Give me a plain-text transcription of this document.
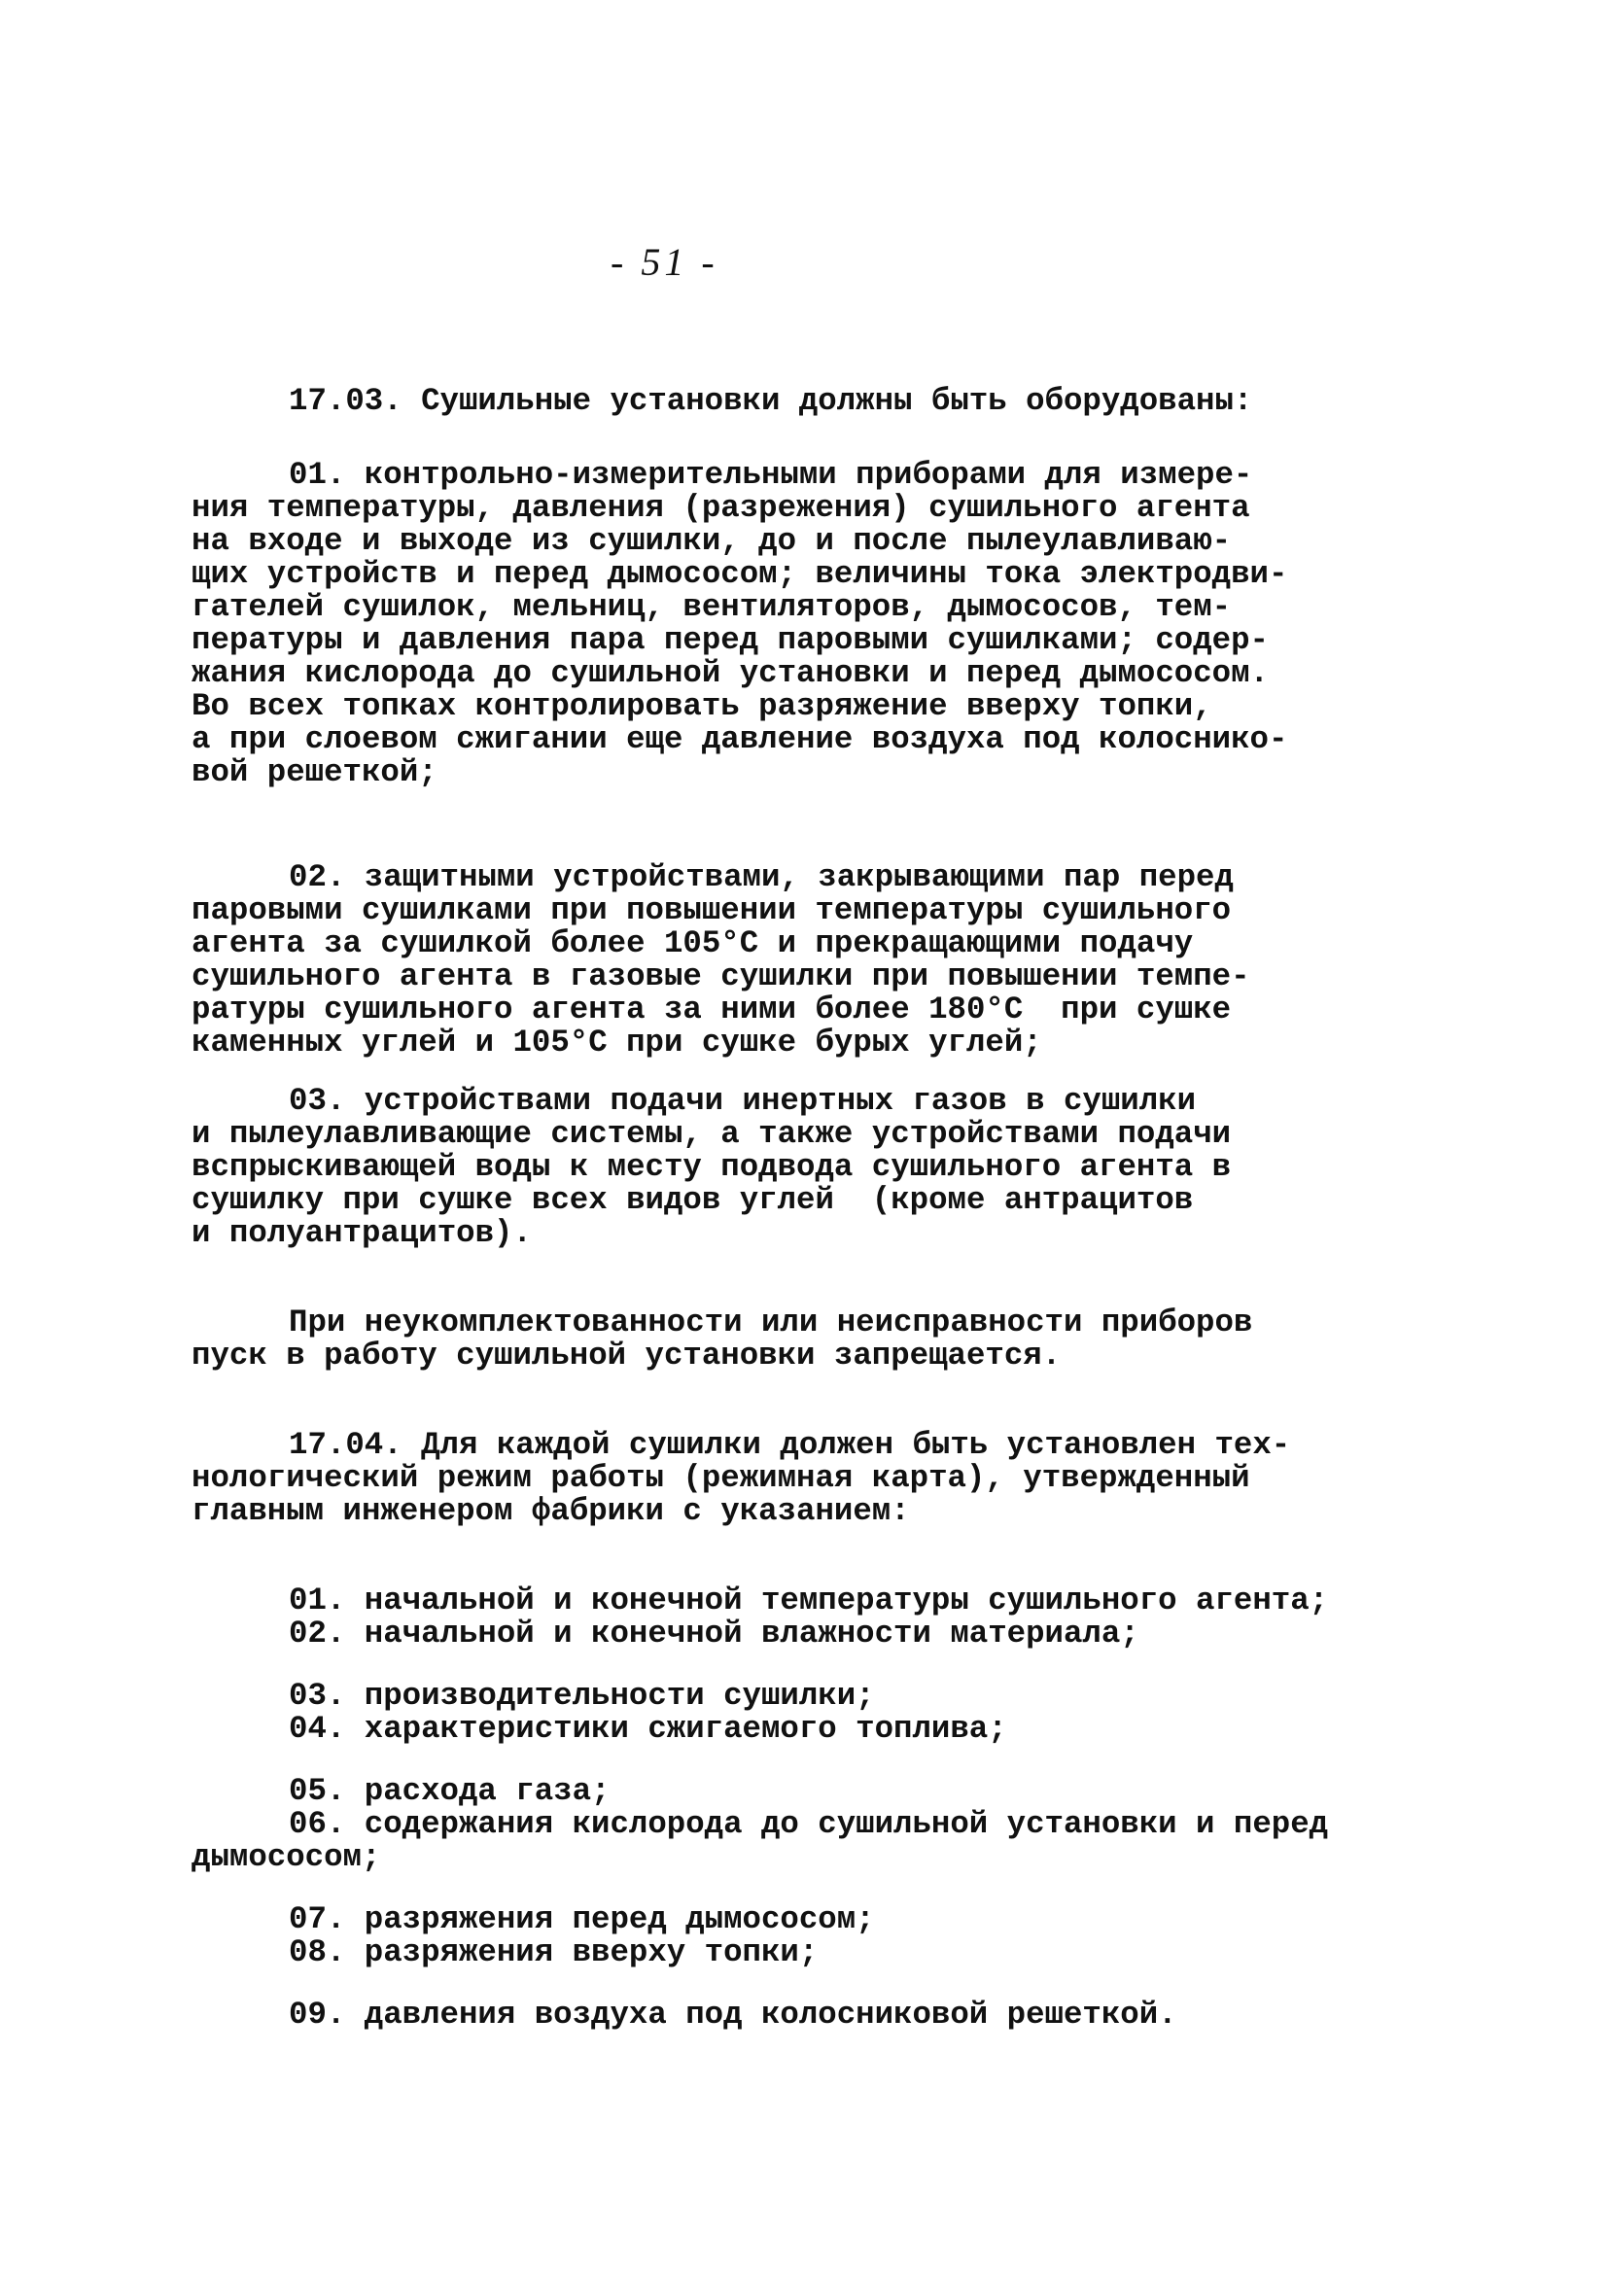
- 51 -
17.03. Сушильные установки должны быть оборудованы:
01. контрольно-измерительными приборами для измере-
ния температуры, давления (разрежения) сушильного агента
на входе и выходе из сушилки, до и после пылеулавливаю-
щих устройств и перед дымососом; величины тока электродви-
гателей сушилок, мельниц, вентиляторов, дымососов, тем-
пературы и давления пара перед паровыми сушилками; содер-
жания кислорода до сушильной установки и перед дымососом.
Во всех топках контролировать разряжение вверху топки,
а при слоевом сжигании еще давление воздуха под колоснико-
вой решеткой;
02. защитными устройствами, закрывающими пар перед
паровыми сушилками при повышении температуры сушильного
агента за сушилкой более 105°С и прекращающими подачу
сушильного агента в газовые сушилки при повышении темпе-
ратуры сушильного агента за ними более 180°С  при сушке
каменных углей и 105°С при сушке бурых углей;
03. устройствами подачи инертных газов в сушилки
и пылеулавливающие системы, а также устройствами подачи
вспрыскивающей воды к месту подвода сушильного агента в
сушилку при сушке всех видов углей  (кроме антрацитов
и полуантрацитов).
При неукомплектованности или неисправности приборов
пуск в работу сушильной установки запрещается.
17.04. Для каждой сушилки должен быть установлен тех-
нологический режим работы (режимная карта), утвержденный
главным инженером фабрики с указанием:
01. начальной и конечной температуры сушильного агента;
02. начальной и конечной влажности материала;
03. производительности сушилки;
04. характеристики сжигаемого топлива;
05. расхода газа;
06. содержания кислорода до сушильной установки и перед
дымососом;
07. разряжения перед дымососом;
08. разряжения вверху топки;
09. давления воздуха под колосниковой решеткой.
